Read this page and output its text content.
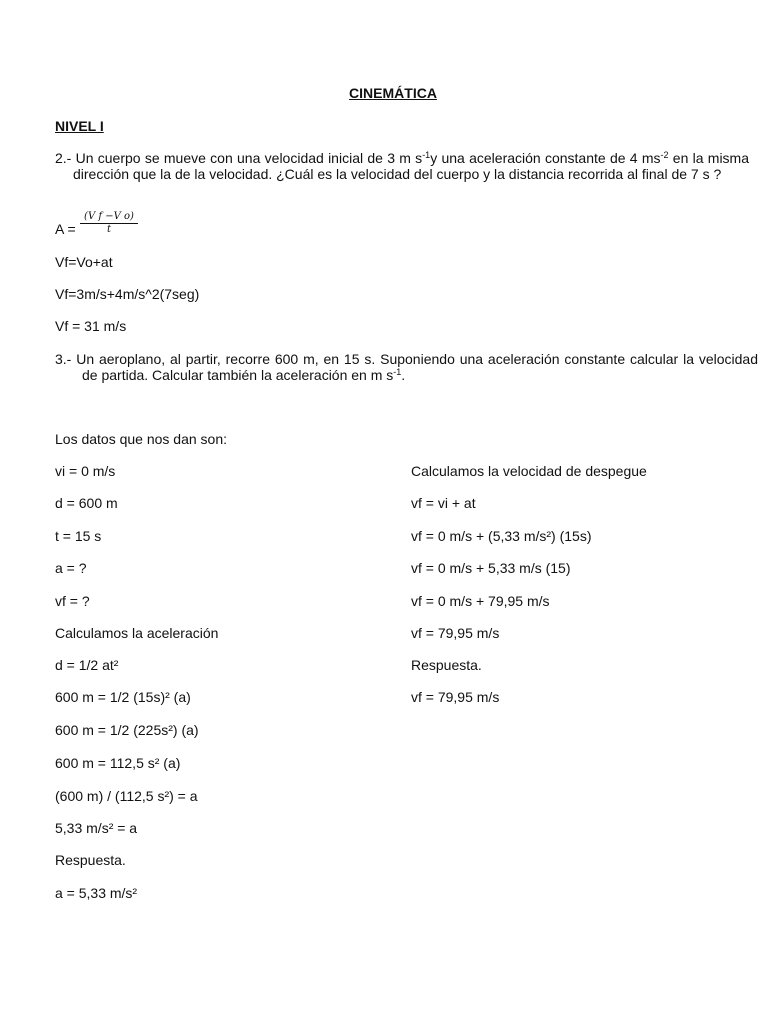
CINEMÁTICA
NIVEL I
2.- Un cuerpo se mueve con una velocidad inicial de 3 m $s^{-1}y$ una aceleración constante de 4 $ms^{-2}$ en la misma dirección que la de la velocidad. ¿Cuál es la velocidad del cuerpo y la distancia recorrida al final de 7 s ?
$A = \frac{\text{(V f −V o)}}{t}$
Vf=Vo+at
Vf=3m/s+4m/s^2(7seg)
Vf = 31 m/s
3.- Un aeroplano, al partir, recorre 600 m, en 15 s. Suponiendo una aceleración constante calcular la velocidad de partida. Calcular también la aceleración en m $s^{-1}$.
Los datos que nos dan son:
vi = 0 m/s
d = 600 m
t = 15 s
a = ?
vf = ?
Calculamos la aceleración
d = 1/2 at²
600 m = 1/2 (15s)² (a)
600 m = 1/2 (225s²) (a)
600 m = 112,5 s² (a)
(600 m) / (112,5 s²) = a
5,33 m/s² = a
Respuesta.
a = 5,33 m/s²
Calculamos la velocidad de despegue
vf = vi + at
vf = 0 m/s + (5,33 m/s²) (15s)
vf = 0 m/s + 5,33 m/s (15)
vf = 0 m/s + 79,95 m/s
vf = 79,95 m/s
Respuesta.
vf = 79,95 m/s
